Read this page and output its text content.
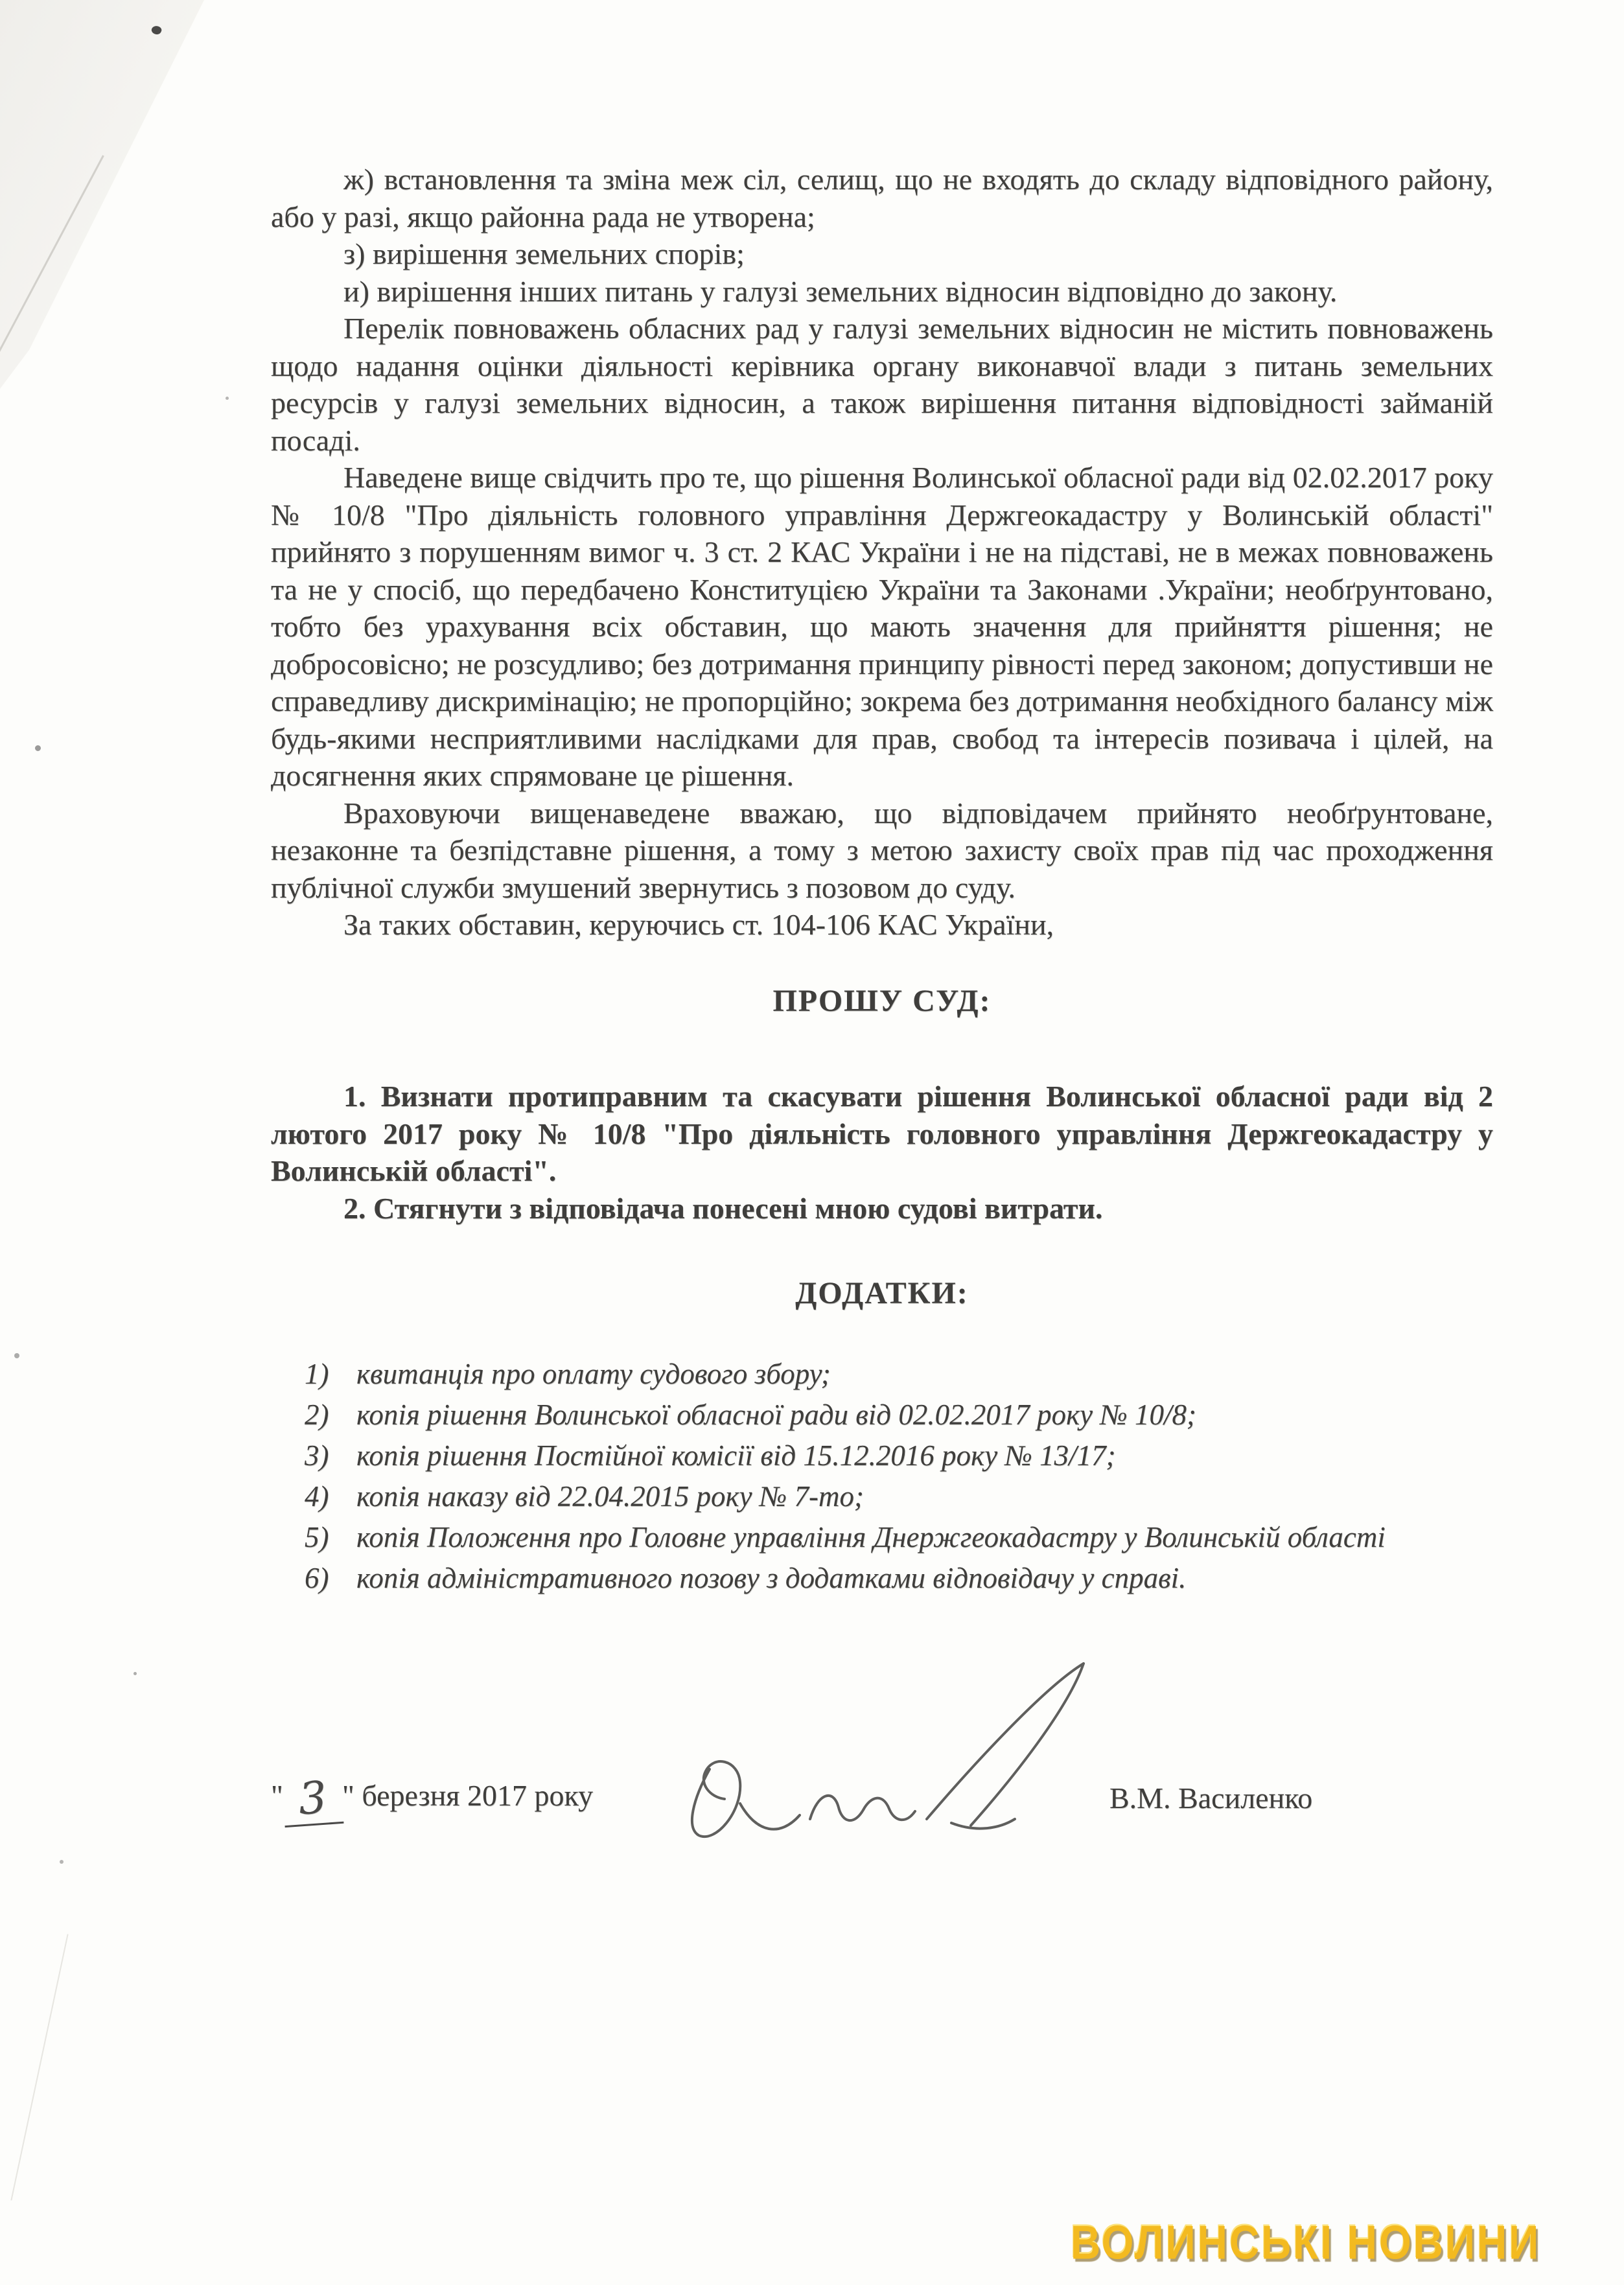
ж) встановлення та зміна меж сіл, селищ, що не входять до складу відповідного району, або у разі, якщо районна рада не утворена;

з) вирішення земельних спорів;

и) вирішення інших питань у галузі земельних відносин відповідно до закону.

Перелік повноважень обласних рад у галузі земельних відносин не містить повноважень щодо надання оцінки діяльності керівника органу виконавчої влади з питань земельних ресурсів у галузі земельних відносин, а також вирішення питання відповідності займаній посаді.

Наведене вище свідчить про те, що рішення Волинської обласної ради від 02.02.2017 року № 10/8 "Про діяльність головного управління Держгеокадастру у Волинській області" прийнято з порушенням вимог ч. 3 ст. 2 КАС України і не на підставі, не в межах повноважень та не у спосіб, що передбачено Конституцією України та Законами .України; необґрунтовано, тобто без урахування всіх обставин, що мають значення для прийняття рішення; не добросовісно; не розсудливо; без дотримання принципу рівності перед законом; допустивши не справедливу дискримінацію; не пропорційно; зокрема без дотримання необхідного балансу між будь-якими несприятливими наслідками для прав, свобод та інтересів позивача і цілей, на досягнення яких спрямоване це рішення.

Враховуючи вищенаведене вважаю, що відповідачем прийнято необґрунтоване, незаконне та безпідставне рішення, а тому з метою захисту своїх прав під час проходження публічної служби змушений звернутись з позовом до суду.

За таких обставин, керуючись ст. 104-106 КАС України,

ПРОШУ СУД:

1. Визнати протиправним та скасувати рішення Волинської обласної ради від 2 лютого 2017 року № 10/8 "Про діяльність головного управління Держгеокадастру у Волинській області".

2. Стягнути з відповідача понесені мною судові витрати.

ДОДАТКИ:

1) квитанція про оплату судового збору;
2) копія рішення Волинської обласної ради від 02.02.2017 року № 10/8;
3) копія рішення Постійної комісії від 15.12.2016 року № 13/17;
4) копія наказу від 22.04.2015 року № 7-то;
5) копія Положення про Головне управління Днержгеокадастру у Волинській області
6) копія адміністративного позову з додатками відповідачу у справі.
" 3 " березня 2017 року	В.М. Василенко
ВОЛИНСЬКІ НОВИНИ
